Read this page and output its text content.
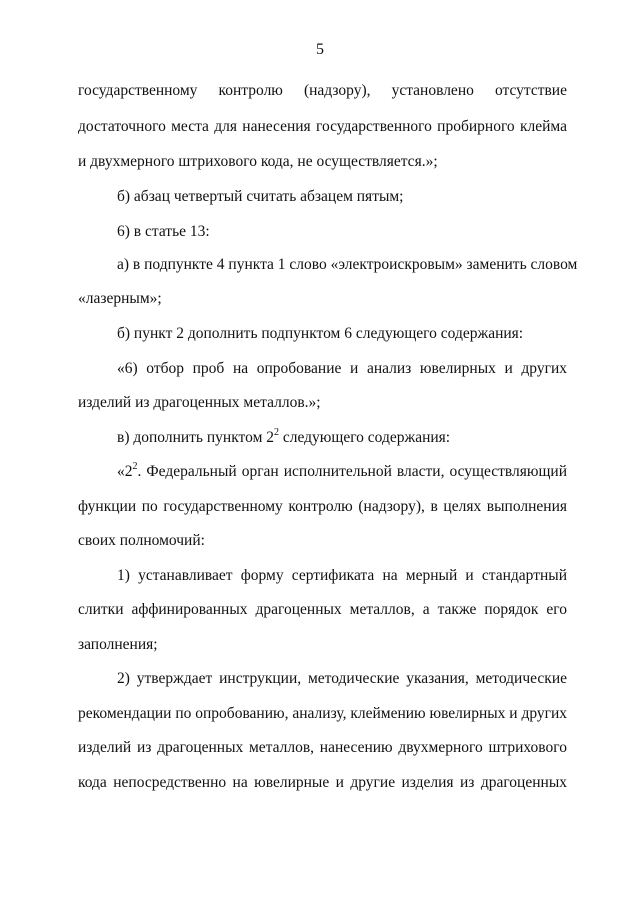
5
государственному контролю (надзору), установлено отсутствие
достаточного места для нанесения государственного пробирного клейма
и двухмерного штрихового кода, не осуществляется.»;
б) абзац четвертый считать абзацем пятым;
6) в статье 13:
а) в подпункте 4 пункта 1 слово «электроискровым» заменить словом
«лазерным»;
б) пункт 2 дополнить подпунктом 6 следующего содержания:
«6) отбор проб на опробование и анализ ювелирных и других
изделий из драгоценных металлов.»;
в) дополнить пунктом $2^2$ следующего содержания:
«$2^2$. Федеральный орган исполнительной власти, осуществляющий
функции по государственному контролю (надзору), в целях выполнения
своих полномочий:
1) устанавливает форму сертификата на мерный и стандартный
слитки аффинированных драгоценных металлов, а также порядок его
заполнения;
2) утверждает инструкции, методические указания, методические
рекомендации по опробованию, анализу, клеймению ювелирных и других
изделий из драгоценных металлов, нанесению двухмерного штрихового
кода непосредственно на ювелирные и другие изделия из драгоценных
